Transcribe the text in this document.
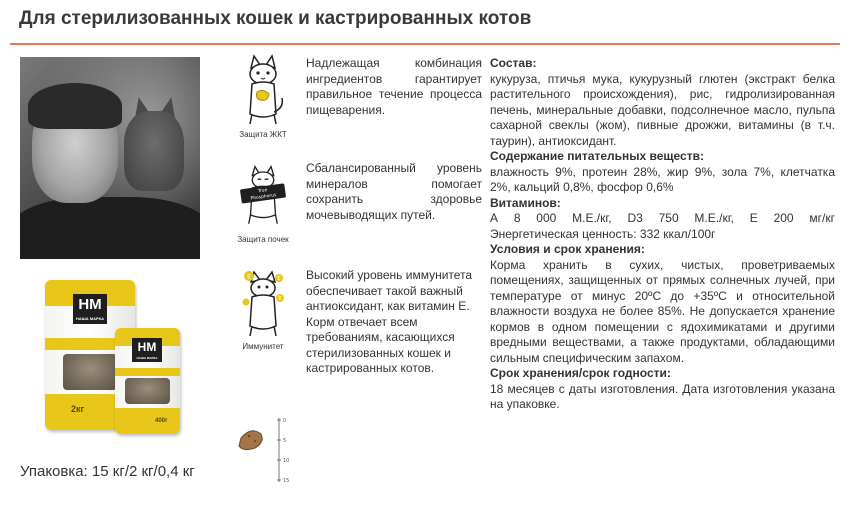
Для стерилизованных кошек и кастрированных котов
НМ
НАША МАРКА
2кг
НМ
НАША МАРКА
400г
Упаковка: 15 кг/2 кг/0,4 кг
Защита ЖКТ
Надлежащая комбинация ингредиентов гарантирует правильное течение процесса пищеварения.
True
Phosphorus
Защита почек
Сбалансированный уровень минералов помогает сохранить здоровье мочевыводящих путей.
E	E
E
Иммунитет
Высокий уровень иммунитета обеспечивает такой важный антиоксидант, как витамин Е. Корм отвечает всем требованиям, касающихся стерилизованных кошек и кастрированных котов.
0
5
10
15
Состав:
кукуруза, птичья мука, кукурузный глютен (экстракт белка растительного происхождения), рис, гидролизированная печень, минеральные добавки, подсолнечное масло, пульпа сахарной свеклы (жом), пивные дрожжи, витамины (в т.ч. таурин), антиоксидант.
Содержание питательных веществ:
влажность 9%, протеин 28%, жир 9%, зола 7%, клетчатка 2%, кальций 0,8%, фосфор 0,6%
Витаминов:
А 8 000 М.Е./кг, D3 750 М.Е./кг, Е 200 мг/кг
Энергетическая ценность: 332 ккал/100г
Условия и срок хранения:
Корма хранить в сухих, чистых, проветриваемых помещениях, защищенных от прямых солнечных лучей, при температуре от минус 20ºC до +35ºC и относительной влажности воздуха не более 85%. Не допускается хранение кормов в одном помещении с ядохимикатами и другими вредными веществами, а также продуктами, обладающими сильным специфическим запахом.
Срок хранения/срок годности:
18 месяцев с даты изготовления. Дата изготовления указана на упаковке.
